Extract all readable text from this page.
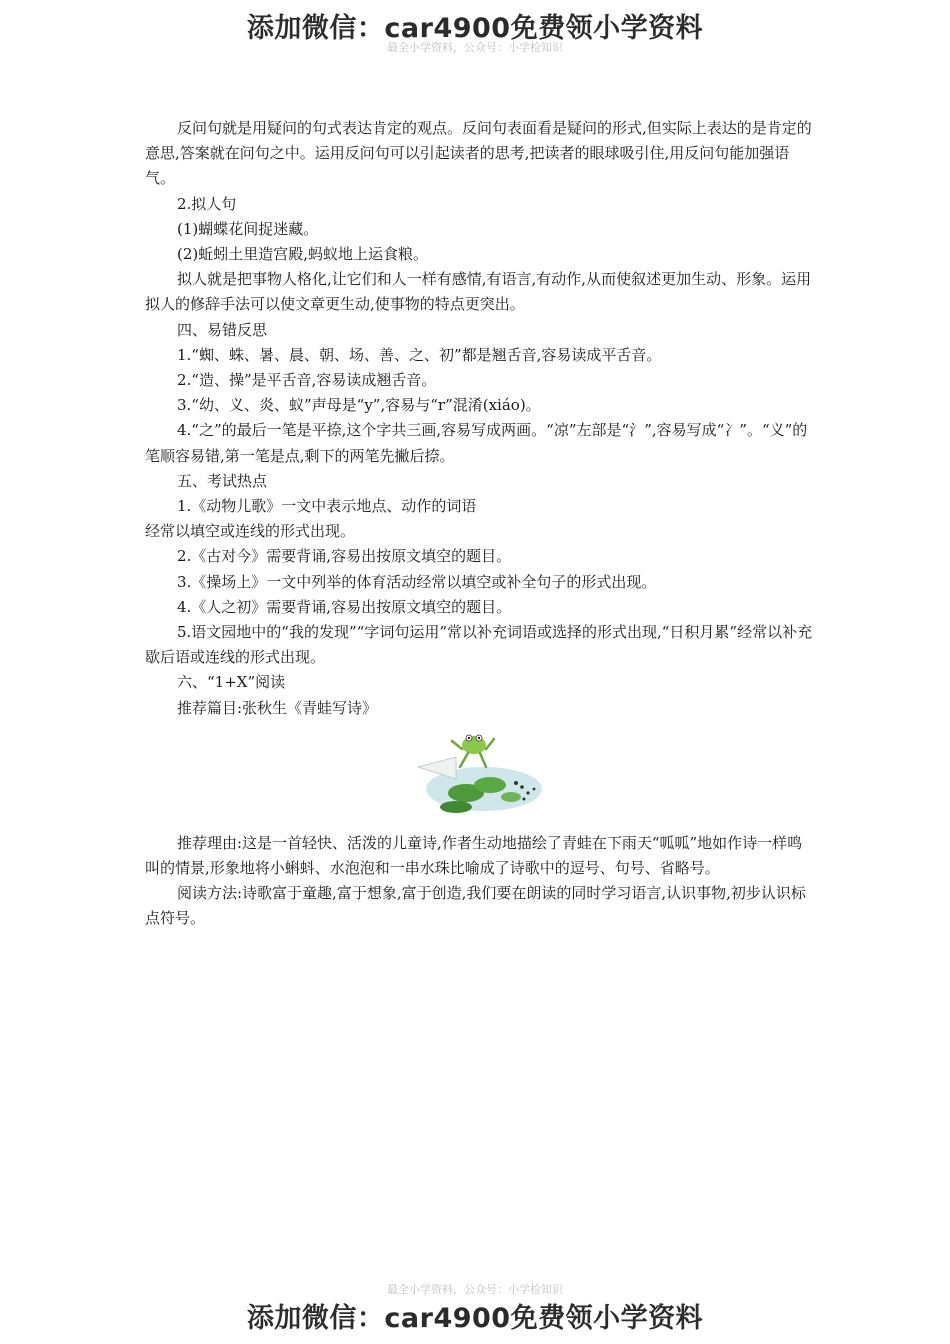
添加微信：car4900免费领小学资料
最全小学资料，公众号：小学检知识

反问句就是用疑问的句式表达肯定的观点。反问句表面看是疑问的形式,但实际上表达的是肯定的意思,答案就在问句之中。运用反问句可以引起读者的思考,把读者的眼球吸引住,用反问句能加强语气。

2.拟人句

(1)蝴蝶花间捉迷藏。

(2)蚯蚓土里造宫殿,蚂蚁地上运食粮。

拟人就是把事物人格化,让它们和人一样有感情,有语言,有动作,从而使叙述更加生动、形象。运用拟人的修辞手法可以使文章更生动,使事物的特点更突出。

四、易错反思

1.“蜘、蛛、暑、晨、朝、场、善、之、初”都是翘舌音,容易读成平舌音。

2.“造、操”是平舌音,容易读成翘舌音。

3.“幼、义、炎、蚁”声母是“y”,容易与“r”混淆(xiáo)。

4.“之”的最后一笔是平捺,这个字共三画,容易写成两画。“凉”左部是“氵”,容易写成“冫”。“义”的笔顺容易错,第一笔是点,剩下的两笔先撇后捺。

五、考试热点

1.《动物儿歌》一文中表示地点、动作的词语

经常以填空或连线的形式出现。

2.《古对今》需要背诵,容易出按原文填空的题目。

3.《操场上》一文中列举的体育活动经常以填空或补全句子的形式出现。

4.《人之初》需要背诵,容易出按原文填空的题目。

5.语文园地中的“我的发现”“字词句运用”常以补充词语或选择的形式出现,“日积月累”经常以补充歇后语或连线的形式出现。

六、“1+X”阅读

推荐篇目:张秋生《青蛙写诗》

推荐理由:这是一首轻快、活泼的儿童诗,作者生动地描绘了青蛙在下雨天“呱呱”地如作诗一样鸣叫的情景,形象地将小蝌蚪、水泡泡和一串水珠比喻成了诗歌中的逗号、句号、省略号。

阅读方法:诗歌富于童趣,富于想象,富于创造,我们要在朗读的同时学习语言,认识事物,初步认识标点符号。

最全小学资料，公众号：小学检知识
添加微信：car4900免费领小学资料
